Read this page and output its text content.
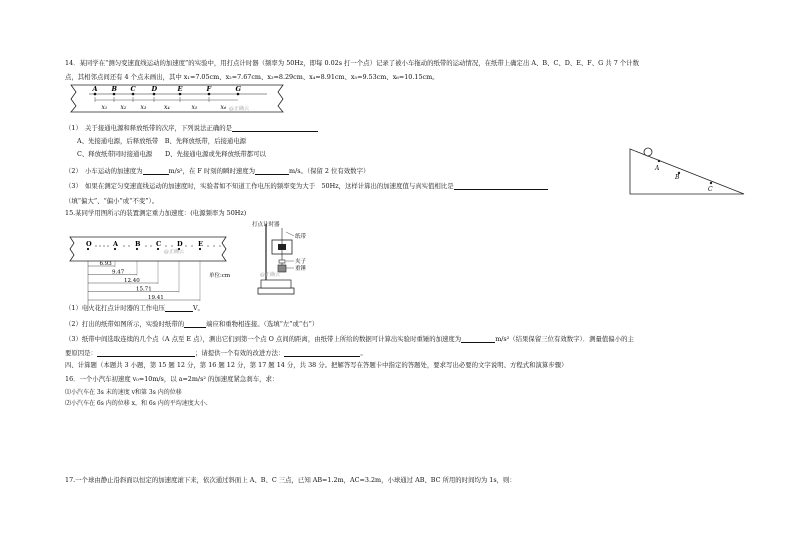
14．某同学在“测匀变速直线运动的加速度”的实验中，用打点计时器（频率为 50Hz，即每 0.02s 打一个点）记录了被小车拖动的纸带的运动情况，在纸带上确定出 A、B、C、D、E、F、G 共 7 个计数
点，其相邻点间还有 4 个点未画出，其中 x₁=7.05cm、x₂=7.67cm、x₃=8.29cm、x₄=8.91cm、x₅=9.53cm、x₆=10.15cm。
A B C D	E	F	G
x₁ x₂ x₃	x₄	x₅	x₆ @正确云
（1）　关于接通电源和释放纸带的次序，下列说法正确的是
A、先接通电源，后释放纸带　B、先释放纸带，后接通电源
C、释放纸带同时接通电源　　D、先接通电源或先释放纸带都可以
（2）　小车运动的加速度为	m/s²，在 F 时刻的瞬时速度为	m/s。（保留 2 位有效数字）
（3）　如果在测定匀变速直线运动的加速度时，实验者如不知道工作电压的频率变为大于　50Hz，这样计算出的加速度值与真实值相比是
（填“偏大”、“偏小”或“不变”）。
A
B
C
15.某同学用图所示的装置测定重力加速度：(电源频率为 50Hz)
O	A	B C D E
6.93
9.47
12.40
15.71
19.41
单位:cm
@正确云
打点计时器
纸带
夹子
重锤
@正确云
（1）电火花打点计时器的工作电压	V。
（2）打出的纸带如图所示，实验时纸带的	端应和重物相连接。（选填“左”或“右”）
（3）纸带中间选取连续的几个点（A 点至 E 点），测出它们到第一个点 O 点间的距离，由纸带上所给的数据可计算出实验时重锤的加速度为	m/s²（结果保留三位有效数字）．测量值偏小的主
要原因是：	；请提供一个有效的改进方法：	。
四、计算题（本题共 3 小题，第 15 题 12 分，第 16 题 12 分，第 17 题 14 分，共 38 分。把解答写在答题卡中指定的答题处，要求写出必要的文字说明、方程式和演算步骤）
16．一个小汽车初速度 v₀=10m/s，以 a=2m/s² 的加速度紧急刹车，求：
⑴小汽车在 3s 末的速度 v和第 3s 内的位移
⑵小汽车在 6s 内的位移 x，和 6s 内的平均速度大小.
17.一个球由静止沿斜面以恒定的加速度滚下来，依次通过斜面上 A、B、C 三点，已知 AB=1.2m，AC=3.2m，小球通过 AB、BC 所用的时间均为 1s，则：
